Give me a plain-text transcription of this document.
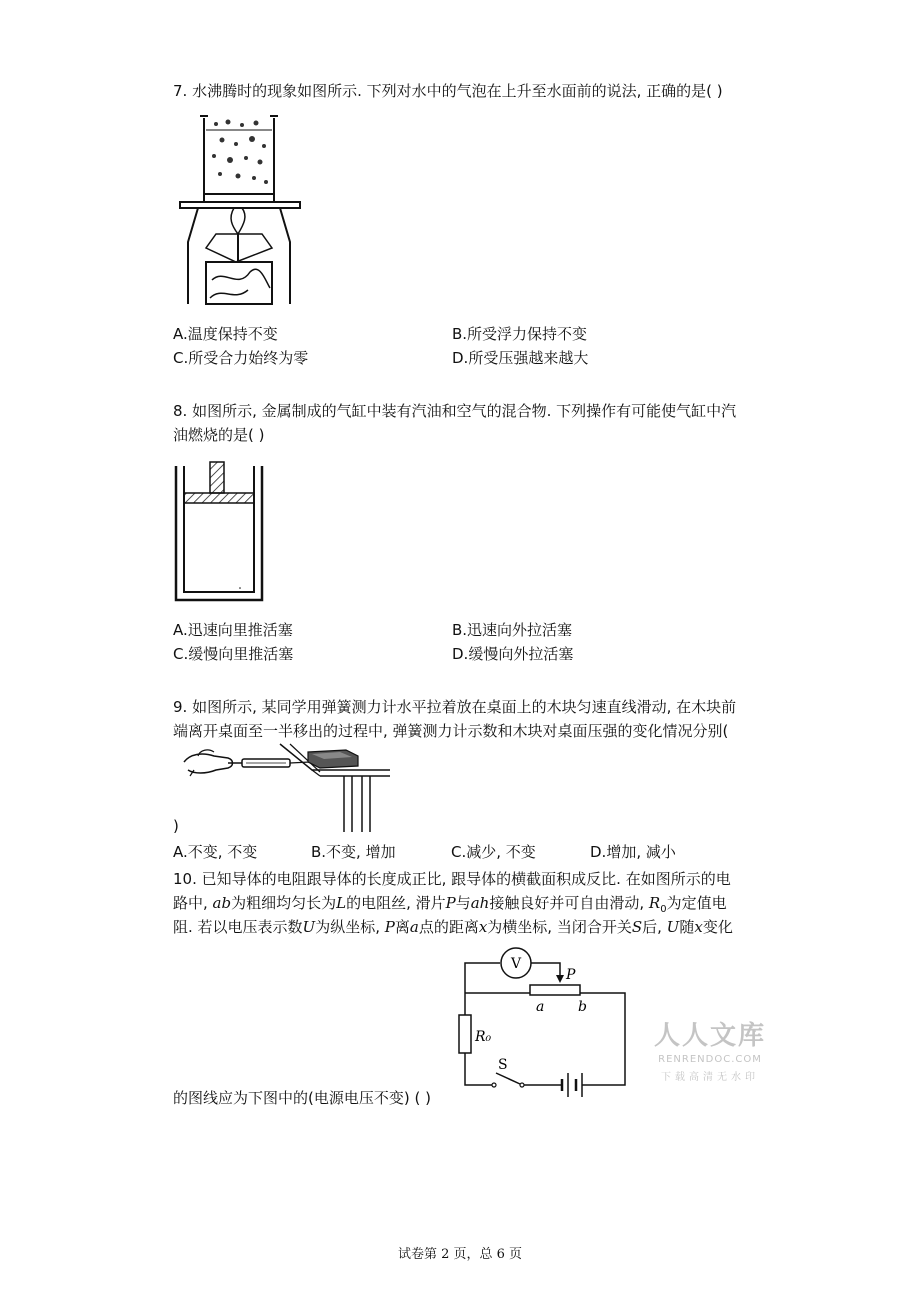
7. 水沸腾时的现象如图所示. 下列对水中的气泡在上升至水面前的说法, 正确的是( )
A.温度保持不变	B.所受浮力保持不变
C.所受合力始终为零	D.所受压强越来越大
8. 如图所示, 金属制成的气缸中装有汽油和空气的混合物. 下列操作有可能使气缸中汽
油燃烧的是( )
A.迅速向里推活塞	B.迅速向外拉活塞
C.缓慢向里推活塞	D.缓慢向外拉活塞
9. 如图所示, 某同学用弹簧测力计水平拉着放在桌面上的木块匀速直线滑动, 在木块前
端离开桌面至一半移出的过程中, 弹簧测力计示数和木块对桌面压强的变化情况分别(
)
A.不变, 不变	B.不变, 增加	C.减少, 不变	D.增加, 减小
10. 已知导体的电阻跟导体的长度成正比, 跟导体的横截面积成反比. 在如图所示的电
路中, ab为粗细均匀长为L的电阻丝, 滑片P与ah接触良好并可自由滑动, $R_0$为定值电
阻. 若以电压表示数U为纵坐标, P离a点的距离x为横坐标, 当闭合开关S后, U随x变化
V
P
a b
S
R₀
的图线应为下图中的(电源电压不变) ( )
人人文库
RENRENDOC.COM
下载高清无水印
试卷第 2 页，总 6 页
